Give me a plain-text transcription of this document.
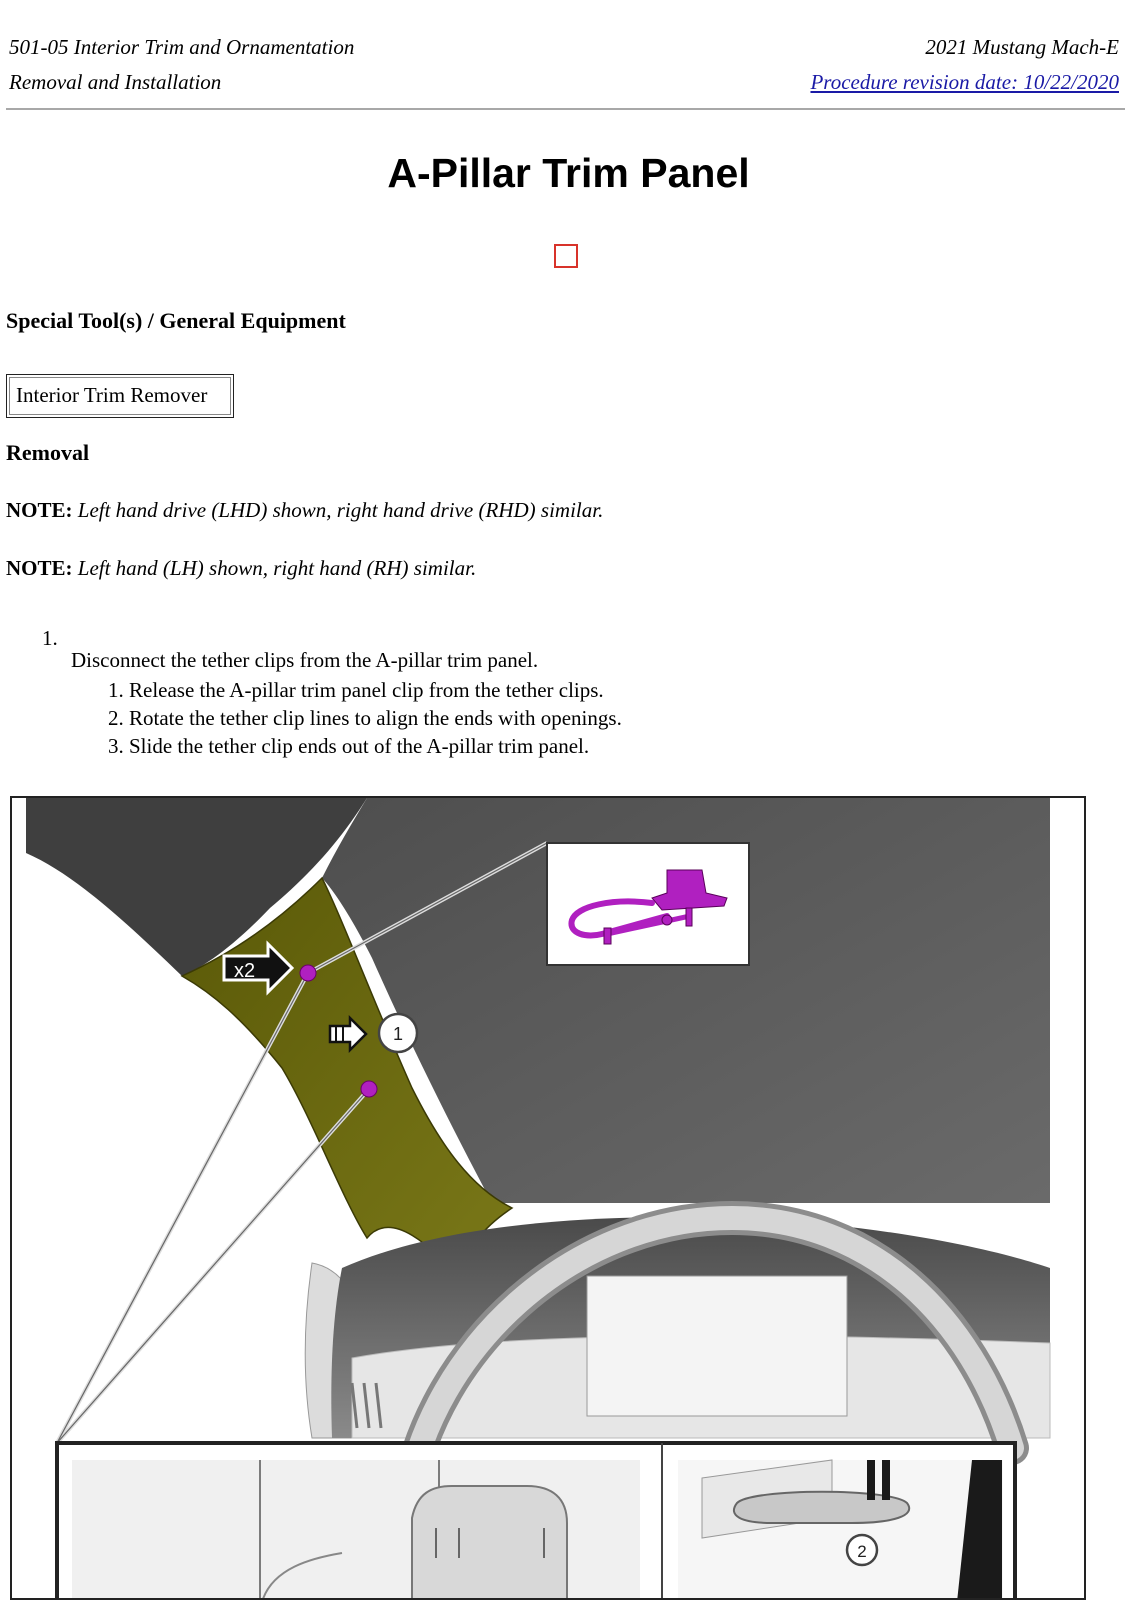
501-05 Interior Trim and Ornamentation
Removal and Installation
2021 Mustang Mach-E
Procedure revision date: 10/22/2020
A-Pillar Trim Panel
Special Tool(s) / General Equipment
Interior Trim Remover
Removal
NOTE: Left hand drive (LHD) shown, right hand drive (RHD) similar.
NOTE: Left hand (LH) shown, right hand (RH) similar.
1.
Disconnect the tether clips from the A-pillar trim panel.
1. Release the A-pillar trim panel clip from the tether clips.
2. Rotate the tether clip lines to align the ends with openings.
3. Slide the tether clip ends out of the A-pillar trim panel.
x2
1
2
